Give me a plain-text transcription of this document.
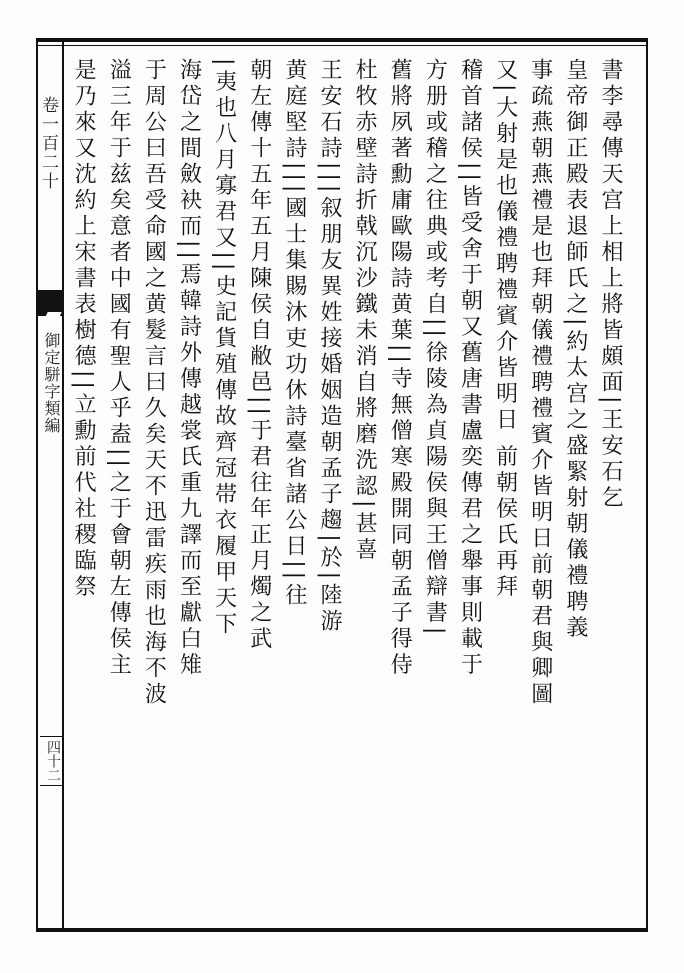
卷一百二十
御定駢字類編
四十二
書李尋傳天宫上相上將皆頗面|王安石乞
皇帝御正殿表退師氏之|約太宫之盛緊射朝儀禮聘義
事疏燕朝燕禮是也拜朝儀禮聘禮賓介皆明日前朝君與卿圖
又|大射是也儀禮聘禮賓介皆明日 前朝侯氏再拜
稽首諸侯||皆受舍于朝又舊唐書盧奕傳君之舉事則載于
方册或稽之往典或考自||徐陵為貞陽侯與王僧辯書|
舊將夙著勳庸歐陽詩黄葉||寺無僧寒殿開同朝孟子得侍
杜牧赤壁詩折戟沉沙鐵未消自將磨洗認|甚喜
王安石詩|||叙朋友異姓接婚姻造朝孟子趨|於|陸游
黄庭堅詩|||國士集賜沐吏功休詩臺省諸公日||往
朝左傳十五年五月陳侯自敝邑||于君往年正月燭之武
|夷也八月寡君又||史記貨殖傳故齊冠帯衣履甲天下
海岱之間斂袂而||焉韓詩外傳越裳氏重九譯而至獻白雉
于周公曰吾受命國之黄髮言曰久矣天不迅雷疾雨也海不波
溢三年于兹矣意者中國有聖人乎盍||之于會朝左傳侯主
是乃來又沈約上宋書表樹德||立勳前代社稷臨祭
